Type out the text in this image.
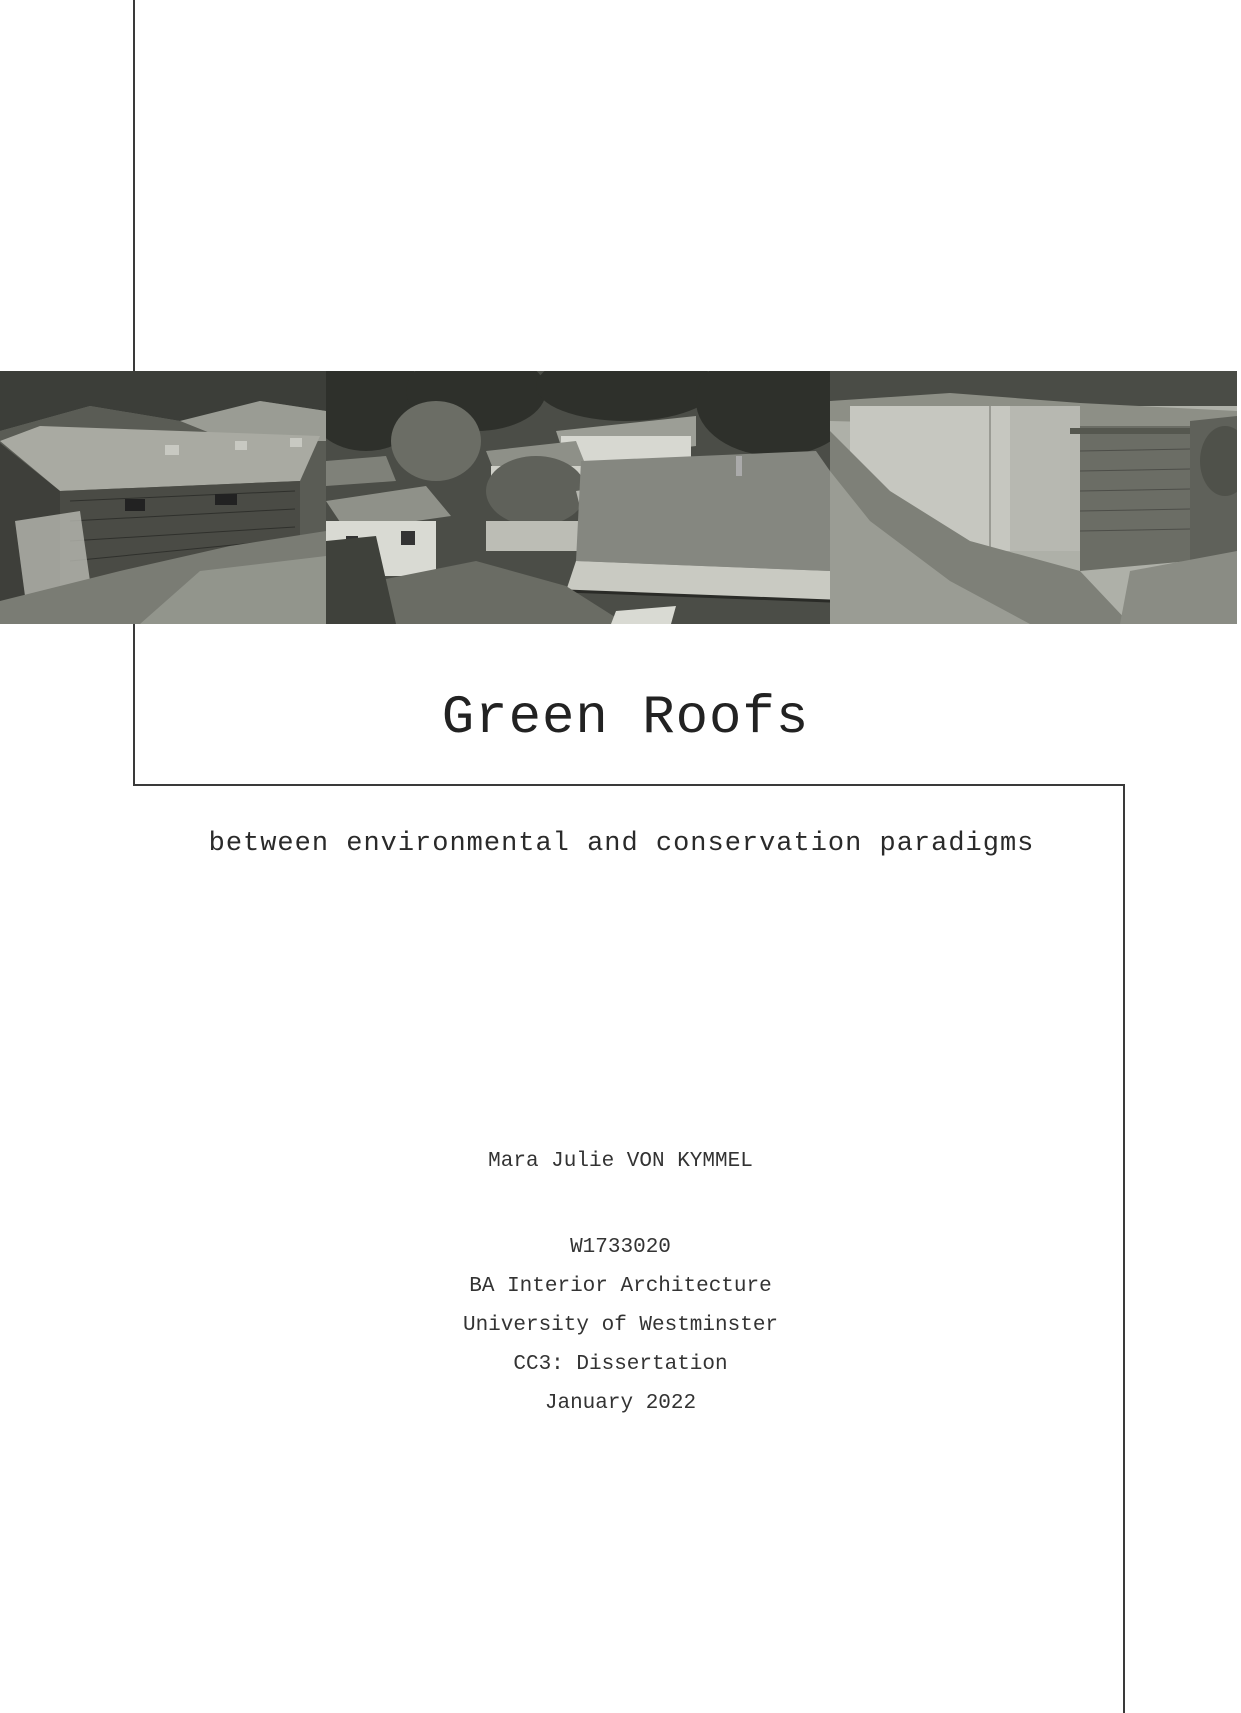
Green Roofs
between environmental and conservation paradigms
Mara Julie VON KYMMEL
W1733020
BA Interior Architecture
University of Westminster
CC3: Dissertation
January 2022
